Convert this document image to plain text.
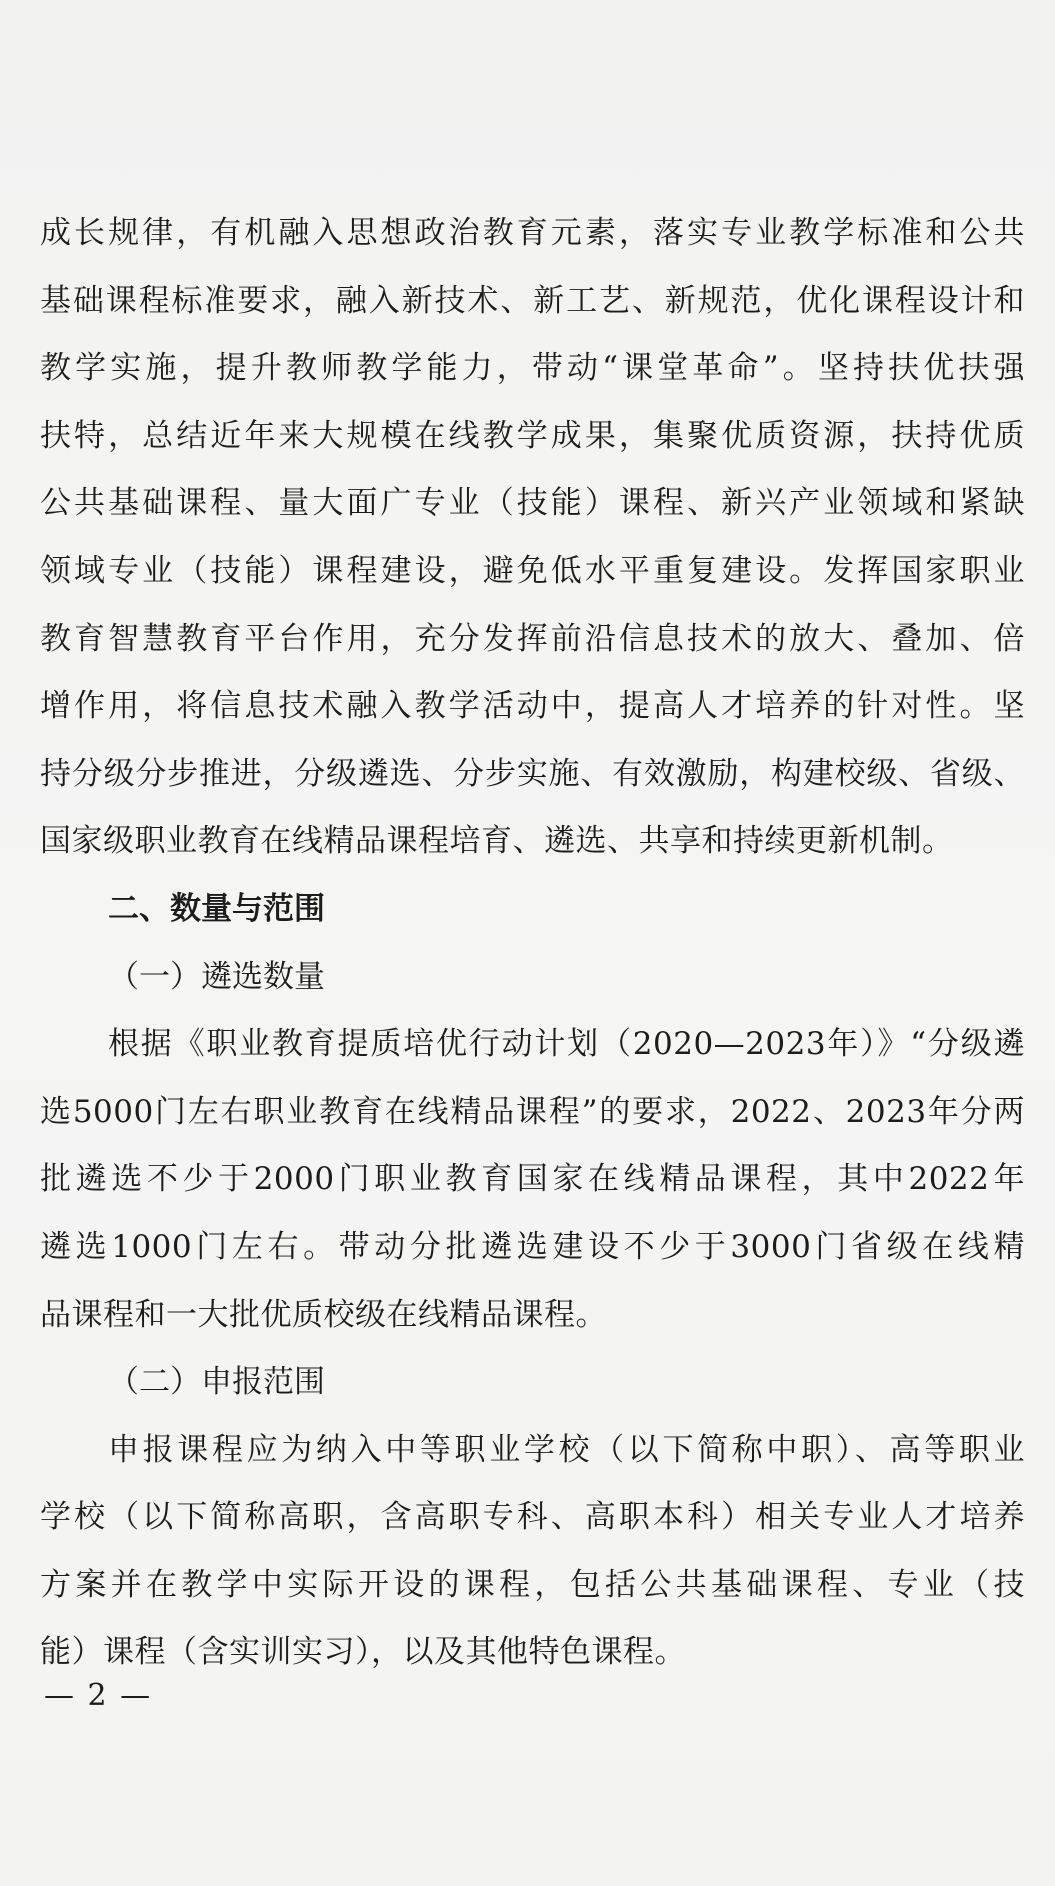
成长规律，有机融入思想政治教育元素，落实专业教学标准和公共
基础课程标准要求，融入新技术、新工艺、新规范，优化课程设计和
教学实施，提升教师教学能力，带动“课堂革命”。坚持扶优扶强
扶特，总结近年来大规模在线教学成果，集聚优质资源，扶持优质
公共基础课程、量大面广专业（技能）课程、新兴产业领域和紧缺
领域专业（技能）课程建设，避免低水平重复建设。发挥国家职业
教育智慧教育平台作用，充分发挥前沿信息技术的放大、叠加、倍
增作用，将信息技术融入教学活动中，提高人才培养的针对性。坚
持分级分步推进，分级遴选、分步实施、有效激励，构建校级、省级、
国家级职业教育在线精品课程培育、遴选、共享和持续更新机制。
二、数量与范围
（一）遴选数量
根据《职业教育提质培优行动计划（2020—2023年）》“分级遴
选5000门左右职业教育在线精品课程”的要求，2022、2023年分两
批遴选不少于2000门职业教育国家在线精品课程，其中2022年
遴选1000门左右。带动分批遴选建设不少于3000门省级在线精
品课程和一大批优质校级在线精品课程。
（二）申报范围
申报课程应为纳入中等职业学校（以下简称中职）、高等职业
学校（以下简称高职，含高职专科、高职本科）相关专业人才培养
方案并在教学中实际开设的课程，包括公共基础课程、专业（技
能）课程（含实训实习），以及其他特色课程。
— 2 —
